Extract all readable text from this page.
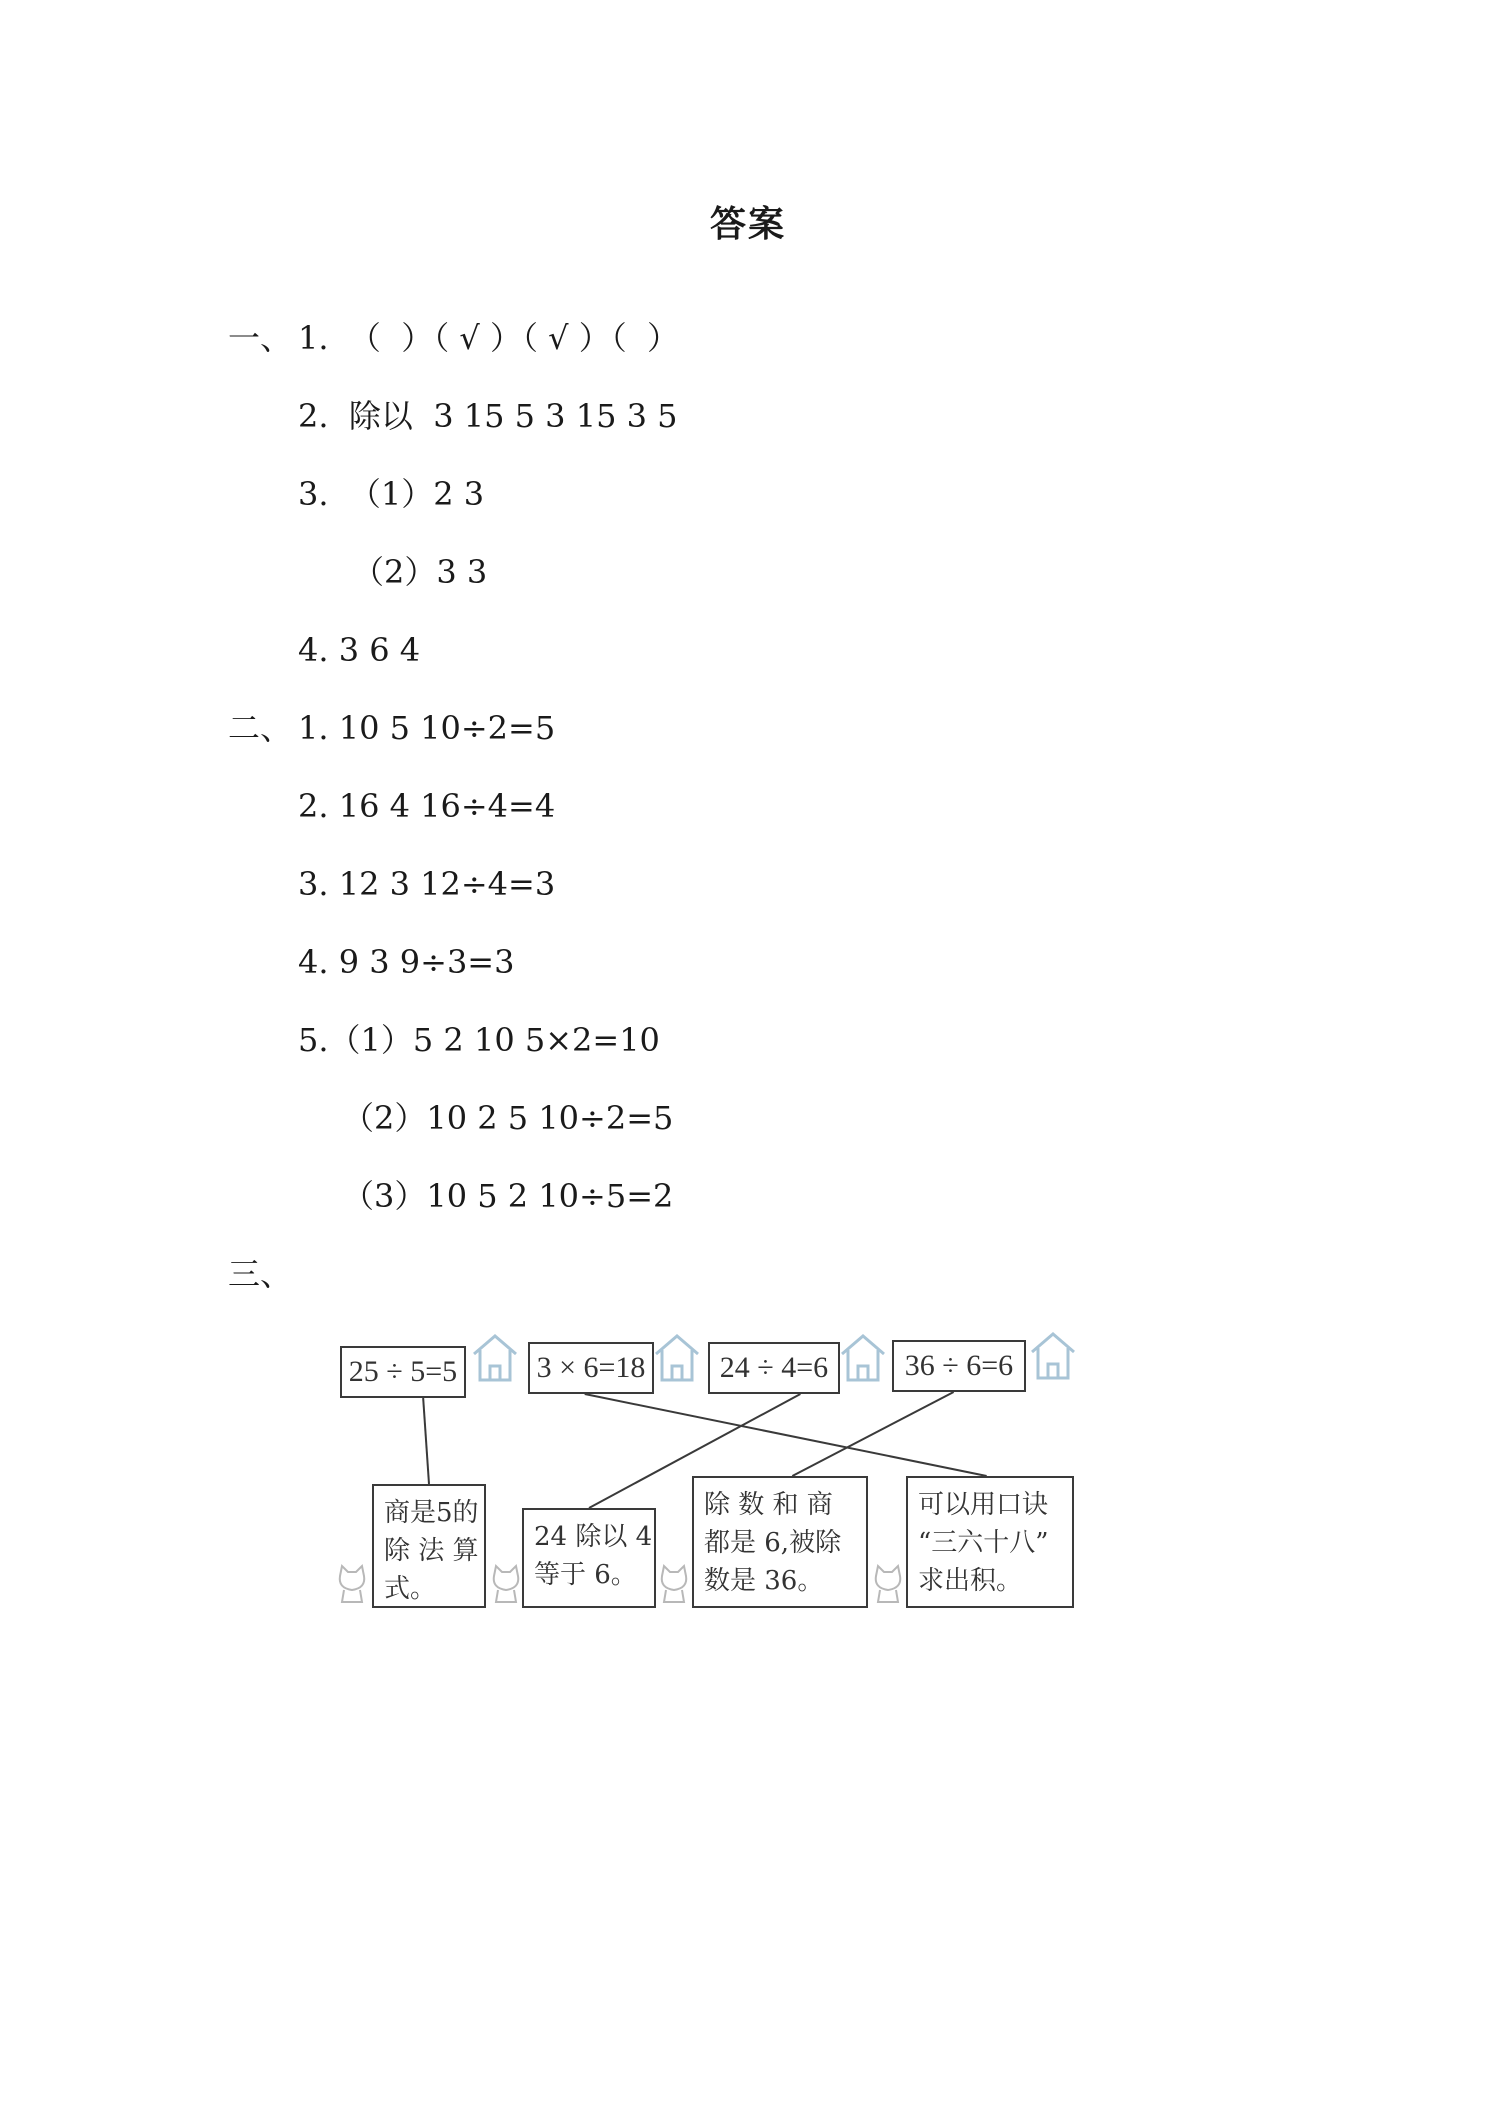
答案
一、 1.  （  ）（ √ ）（ √ ）（  ）
2.  除以  3 15 5 3 15 3 5
3.  （1）2 3
（2）3 3
4. 3 6 4
二、 1. 10 5 10÷2=5
2. 16 4 16÷4=4
3. 12 3 12÷4=3
4. 9 3 9÷3=3
5.（1）5 2 10 5×2=10
（2）10 2 5 10÷2=5
（3）10 5 2 10÷5=2
三、
25 ÷ 5=5	3 × 6=18	24 ÷ 4=6	36 ÷ 6=6
商是5的
除 法 算
式。
24 除以 4
等于 6。
除 数 和 商
都是 6,被除
数是 36。
可以用口诀
“三六十八”
求出积。
